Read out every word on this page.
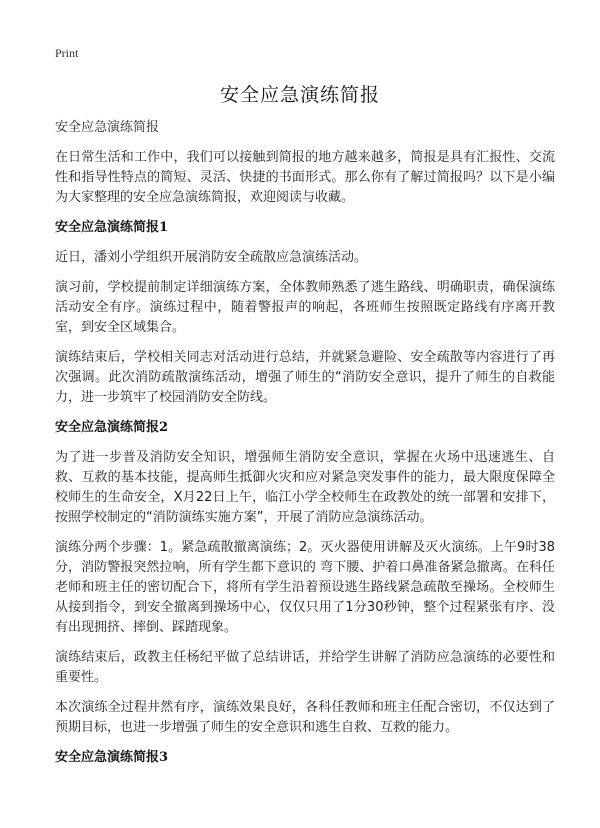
Print
安全应急演练简报

安全应急演练简报

在日常生活和工作中，我们可以接触到简报的地方越来越多，简报是具有汇报性、交流性和指导性特点的简短、灵活、快捷的书面形式。那么你有了解过简报吗？以下是小编为大家整理的安全应急演练简报，欢迎阅读与收藏。

安全应急演练简报1

近日，潘刘小学组织开展消防安全疏散应急演练活动。

演习前，学校提前制定详细演练方案，全体教师熟悉了逃生路线、明确职责，确保演练活动安全有序。演练过程中，随着警报声的响起，各班师生按照既定路线有序离开教室，到安全区域集合。

演练结束后，学校相关同志对活动进行总结，并就紧急避险、安全疏散等内容进行了再次强调。此次消防疏散演练活动，增强了师生的“消防安全意识，提升了师生的自救能力，进一步筑牢了校园消防安全防线。

安全应急演练简报2

为了进一步普及消防安全知识，增强师生消防安全意识，掌握在火场中迅速逃生、自救、互救的基本技能，提高师生抵御火灾和应对紧急突发事件的能力，最大限度保障全校师生的生命安全，X月22日上午，临江小学全校师生在政教处的统一部署和安排下，按照学校制定的“消防演练实施方案”，开展了消防应急演练活动。

演练分两个步骤：1。紧急疏散撤离演练；2。灭火器使用讲解及灭火演练。上午9时38分，消防警报突然拉响，所有学生都下意识的 弯下腰、护着口鼻准备紧急撤离。在科任老师和班主任的密切配合下，将所有学生沿着预设逃生路线紧急疏散至操场。全校师生从接到指令，到安全撤离到操场中心，仅仅只用了1分30秒钟，整个过程紧张有序、没有出现拥挤、摔倒、踩踏现象。

演练结束后，政教主任杨纪平做了总结讲话，并给学生讲解了消防应急演练的必要性和重要性。

本次演练全过程井然有序，演练效果良好，各科任教师和班主任配合密切，不仅达到了预期目标，也进一步增强了师生的安全意识和逃生自救、互救的能力。

安全应急演练简报3
